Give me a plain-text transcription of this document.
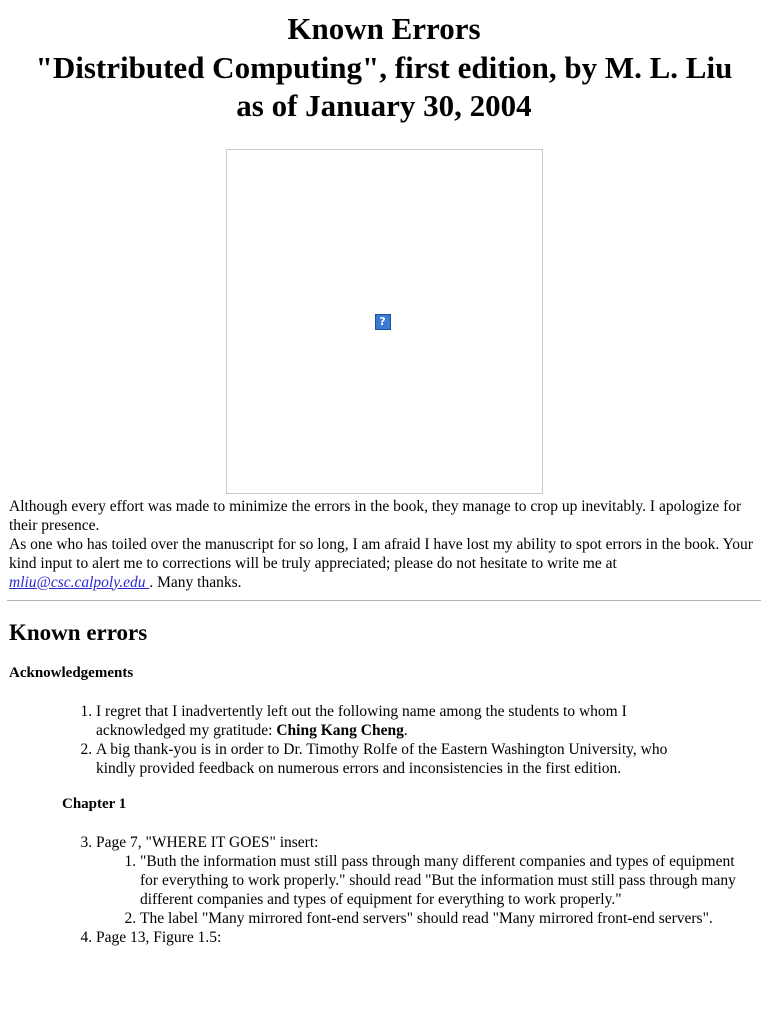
Known Errors
"Distributed Computing", first edition, by M. L. Liu
as of January 30, 2004
?

Although every effort was made to minimize the errors in the book, they manage to crop up inevitably. I apologize for their presence.

As one who has toiled over the manuscript for so long, I am afraid I have lost my ability to spot errors in the book. Your kind input to alert me to corrections will be truly appreciated; please do not hesitate to write me at mliu@csc.calpoly.edu . Many thanks.

Known errors
Acknowledgements
1. I regret that I inadvertently left out the following name among the students to whom I acknowledged my gratitude: Ching Kang Cheng.
2. A big thank-you is in order to Dr. Timothy Rolfe of the Eastern Washington University, who kindly provided feedback on numerous errors and inconsistencies in the first edition.
Chapter 1
3. Page 7, "WHERE IT GOES" insert:
1. "Buth the information must still pass through many different companies and types of equipment for everything to work properly." should read "But the information must still pass through many different companies and types of equipment for everything to work properly."
2. The label "Many mirrored font-end servers" should read "Many mirrored front-end servers".
4. Page 13, Figure 1.5:
